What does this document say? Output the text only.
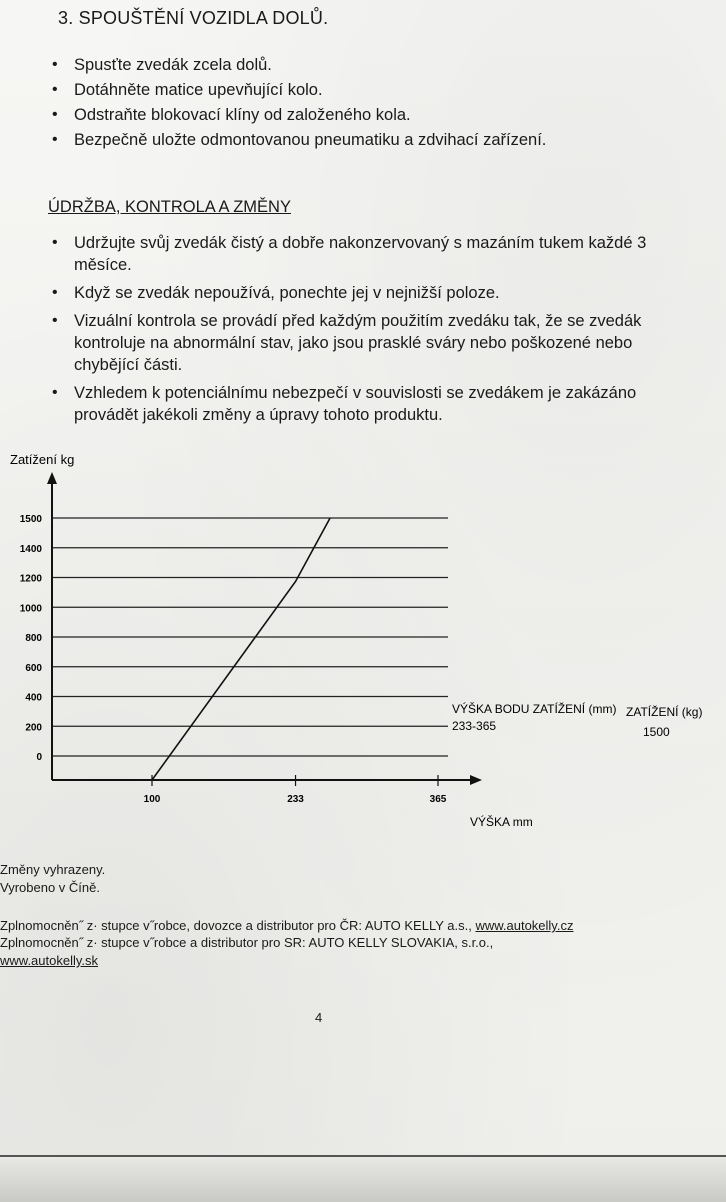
3. SPOUŠTĚNÍ VOZIDLA DOLŮ.
• Spusťte zvedák zcela dolů.
• Dotáhněte matice upevňující kolo.
• Odstraňte blokovací klíny od založeného kola.
• Bezpečně uložte odmontovanou pneumatiku a zdvihací zařízení.
ÚDRŽBA, KONTROLA A ZMĚNY
• Udržujte svůj zvedák čistý a dobře nakonzervovaný s mazáním tukem každé 3 měsíce.
• Když se zvedák nepoužívá, ponechte jej v nejnižší poloze.
• Vizuální kontrola se provádí před každým použitím zvedáku tak, že se zvedák kontroluje na abnormální stav, jako jsou prasklé sváry nebo poškozené nebo chybějící části.
• Vzhledem k potenciálnímu nebezpečí v souvislosti se zvedákem je zakázáno provádět jakékoli změny a úpravy tohoto produktu.
Zatížení kg
0
200
400
600
800
1000
1200
1400
1500
100	233	365
VÝŠKA mm
VÝŠKA BODU ZATÍŽENÍ (mm) ZATÍŽENÍ (kg)
233-365	1500
Změny vyhrazeny.
Vyrobeno v Číně.
Zplnomocněn˝ z· stupce v˝robce, dovozce a distributor pro ČR: AUTO KELLY a.s., www.autokelly.cz
Zplnomocněn˝ z· stupce v˝robce a distributor pro SR: AUTO KELLY SLOVAKIA, s.r.o.,
www.autokelly.sk
4
